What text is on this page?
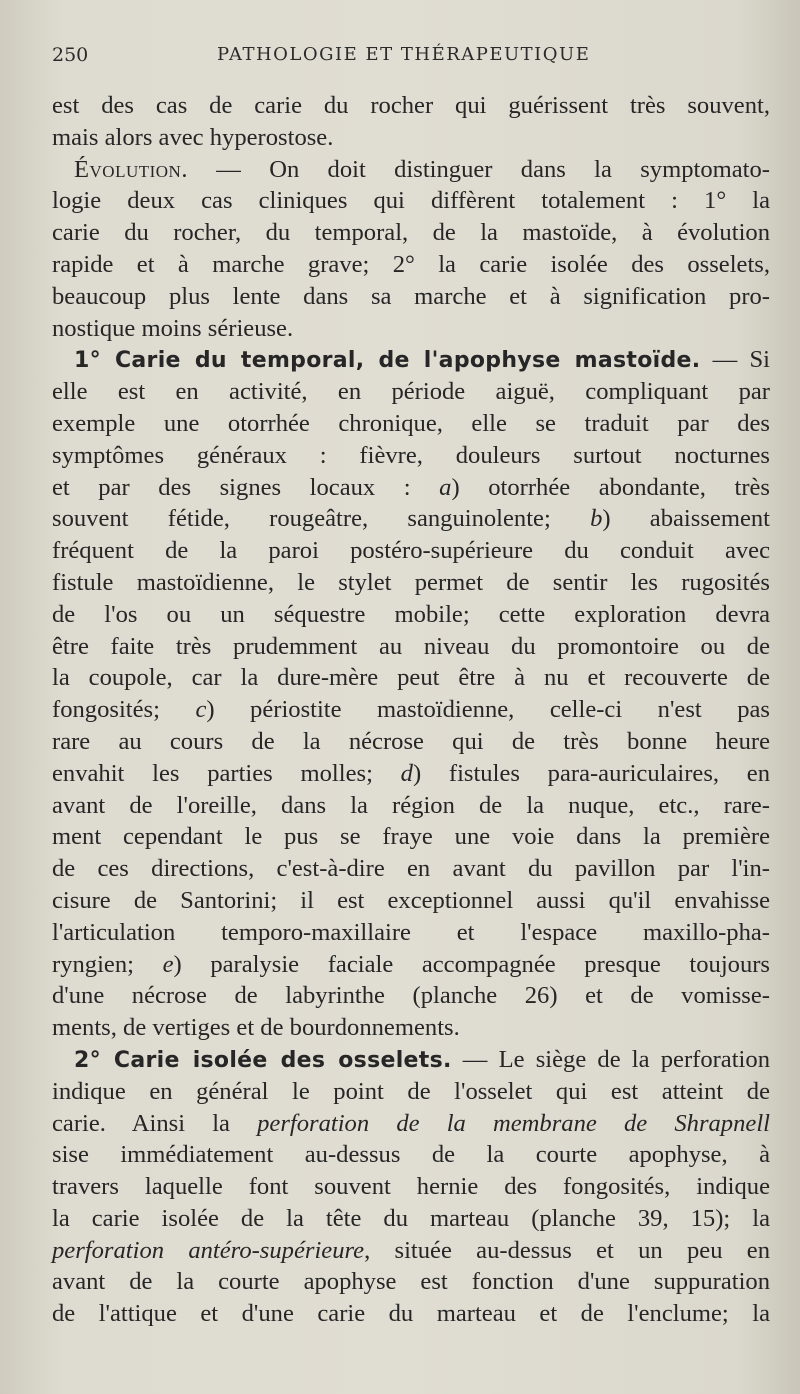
250	PATHOLOGIE ET THÉRAPEUTIQUE
est des cas de carie du rocher qui guérissent très souvent,
mais alors avec hyperostose.
Évolution. — On doit distinguer dans la symptomato-
logie deux cas cliniques qui diffèrent totalement : 1° la
carie du rocher, du temporal, de la mastoïde, à évolution
rapide et à marche grave; 2° la carie isolée des osselets,
beaucoup plus lente dans sa marche et à signification pro-
nostique moins sérieuse.
1° Carie du temporal, de l'apophyse mastoïde. — Si
elle est en activité, en période aiguë, compliquant par
exemple une otorrhée chronique, elle se traduit par des
symptômes généraux : fièvre, douleurs surtout nocturnes
et par des signes locaux : a) otorrhée abondante, très
souvent fétide, rougeâtre, sanguinolente; b) abaissement
fréquent de la paroi postéro-supérieure du conduit avec
fistule mastoïdienne, le stylet permet de sentir les rugosités
de l'os ou un séquestre mobile; cette exploration devra
être faite très prudemment au niveau du promontoire ou de
la coupole, car la dure-mère peut être à nu et recouverte de
fongosités; c) périostite mastoïdienne, celle-ci n'est pas
rare au cours de la nécrose qui de très bonne heure
envahit les parties molles; d) fistules para-auriculaires, en
avant de l'oreille, dans la région de la nuque, etc., rare-
ment cependant le pus se fraye une voie dans la première
de ces directions, c'est-à-dire en avant du pavillon par l'in-
cisure de Santorini; il est exceptionnel aussi qu'il envahisse
l'articulation temporo-maxillaire et l'espace maxillo-pha-
ryngien; e) paralysie faciale accompagnée presque toujours
d'une nécrose de labyrinthe (planche 26) et de vomisse-
ments, de vertiges et de bourdonnements.
2° Carie isolée des osselets. — Le siège de la perforation
indique en général le point de l'osselet qui est atteint de
carie. Ainsi la perforation de la membrane de Shrapnell
sise immédiatement au-dessus de la courte apophyse, à
travers laquelle font souvent hernie des fongosités, indique
la carie isolée de la tête du marteau (planche 39, 15); la
perforation antéro-supérieure, située au-dessus et un peu en
avant de la courte apophyse est fonction d'une suppuration
de l'attique et d'une carie du marteau et de l'enclume; la
